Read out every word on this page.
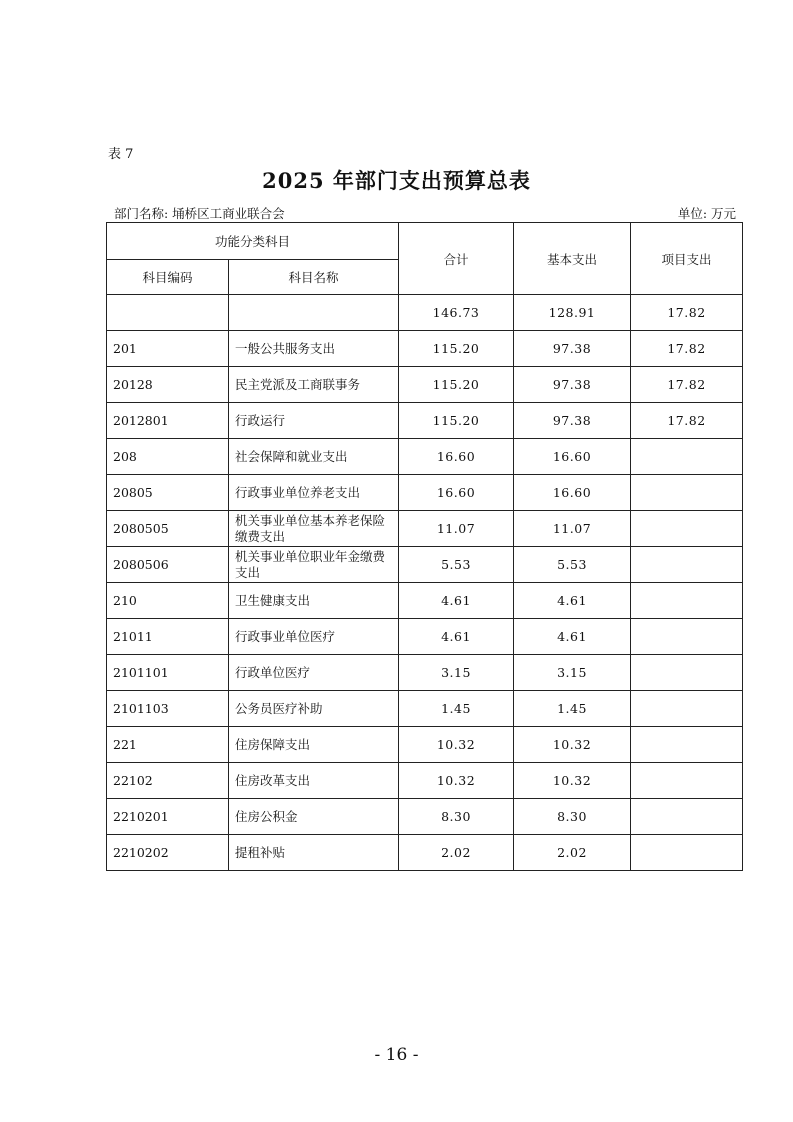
表 7
2025 年部门支出预算总表
部门名称: 埇桥区工商业联合会	单位: 万元
功能分类科目		合计	基本支出	项目支出
科目编码	科目名称			
		146.73	128.91	17.82
201	一般公共服务支出	115.20	97.38	17.82
20128	民主党派及工商联事务	115.20	97.38	17.82
2012801	行政运行	115.20	97.38	17.82
208	社会保障和就业支出	16.60	16.60	
20805	行政事业单位养老支出	16.60	16.60	
2080505	机关事业单位基本养老保险缴费支出	11.07	11.07	
2080506	机关事业单位职业年金缴费支出	5.53	5.53	
210	卫生健康支出	4.61	4.61	
21011	行政事业单位医疗	4.61	4.61	
2101101	行政单位医疗	3.15	3.15	
2101103	公务员医疗补助	1.45	1.45	
221	住房保障支出	10.32	10.32	
22102	住房改革支出	10.32	10.32	
2210201	住房公积金	8.30	8.30	
2210202	提租补贴	2.02	2.02	
- 16 -
